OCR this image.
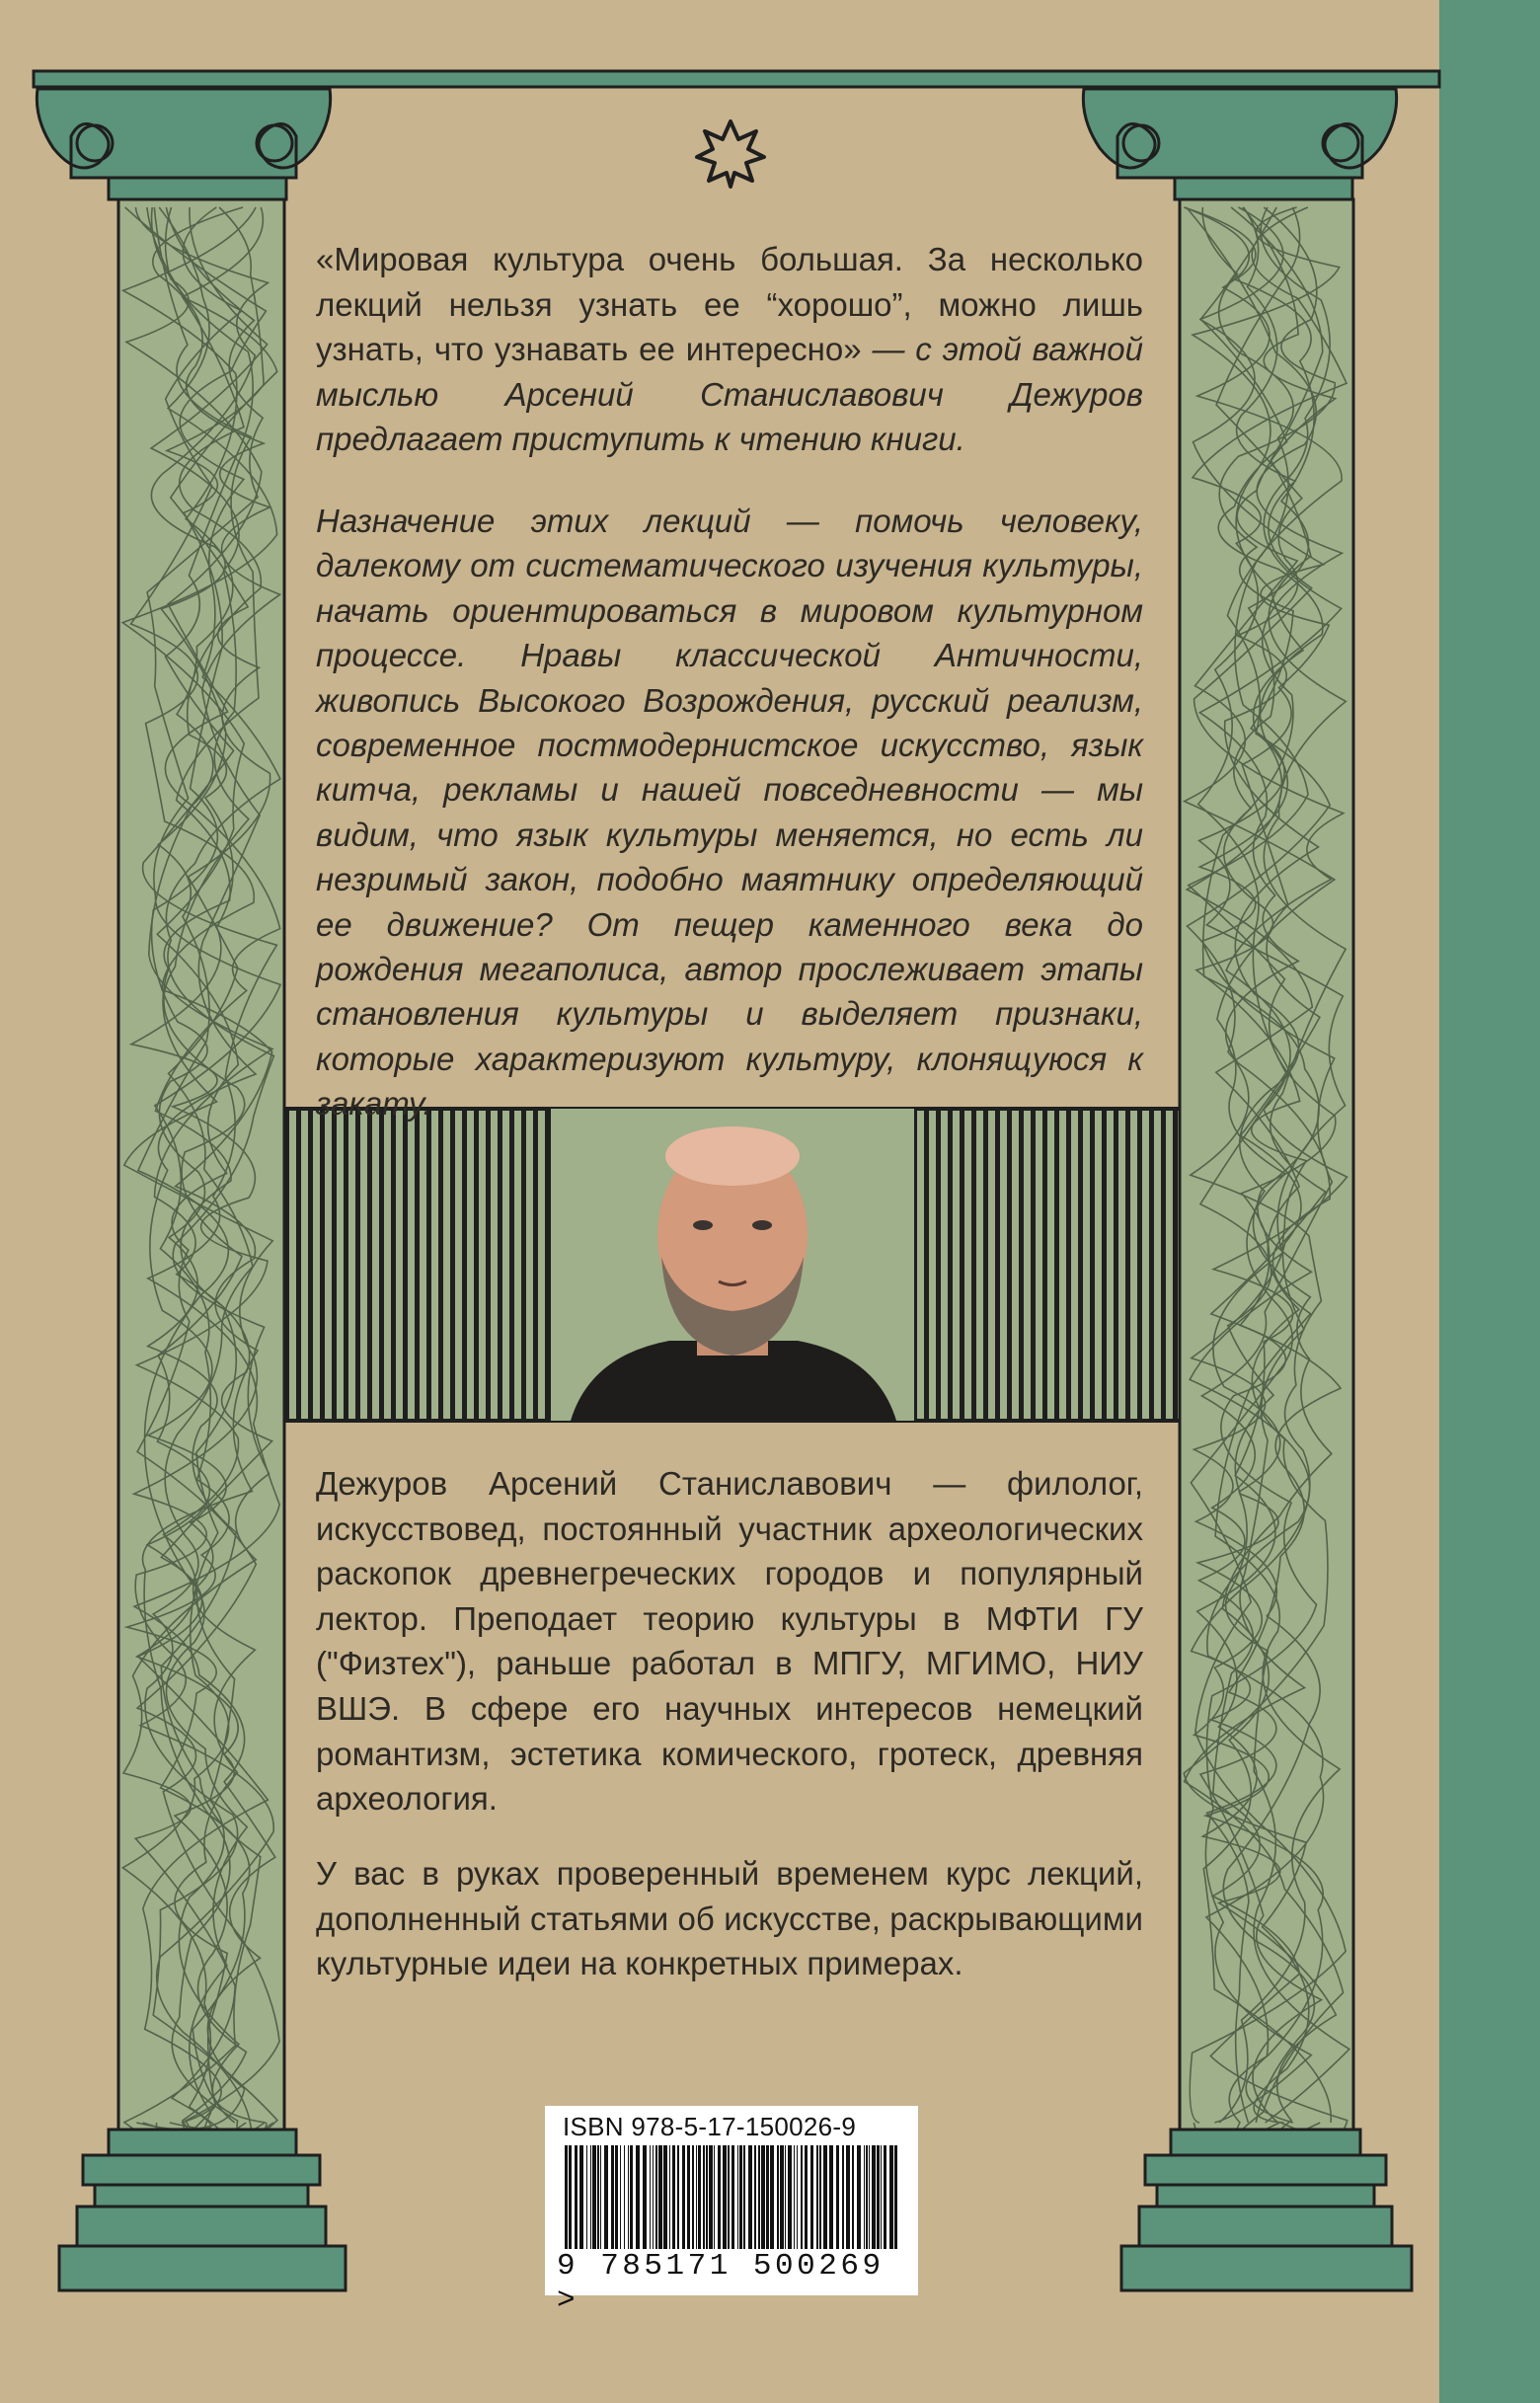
«Мировая культура очень большая. За несколько лекций нельзя узнать ее “хорошо”, можно лишь узнать, что узнавать ее интересно» — с этой важной мыслью Арсений Станиславович Дежуров предлагает приступить к чтению книги.

Назначение этих лекций — помочь человеку, далекому от систематического изучения культуры, начать ориентироваться в мировом культурном процессе. Нравы классической Античности, живопись Высокого Возрождения, русский реализм, современное постмодернистское искусство, язык китча, рекламы и нашей повседневности — мы видим, что язык культуры меняется, но есть ли незримый закон, подобно маятнику определяющий ее движение? От пещер каменного века до рождения мегаполиса, автор прослеживает этапы становления культуры и выделяет признаки, которые характеризуют культуру, клонящуюся к закату.

Дежуров Арсений Станиславович — филолог, искусствовед, постоянный участник археологических раскопок древнегреческих городов и популярный лектор. Преподает теорию культуры в МФТИ ГУ ("Физтех"), раньше работал в МПГУ, МГИМО, НИУ ВШЭ. В сфере его научных интересов немецкий романтизм, эстетика комического, гротеск, древняя археология.

У вас в руках проверенный временем курс лекций, дополненный статьями об искусстве, раскрывающими культурные идеи на конкретных примерах.

ISBN 978-5-17-150026-9
9 785171 500269 >
